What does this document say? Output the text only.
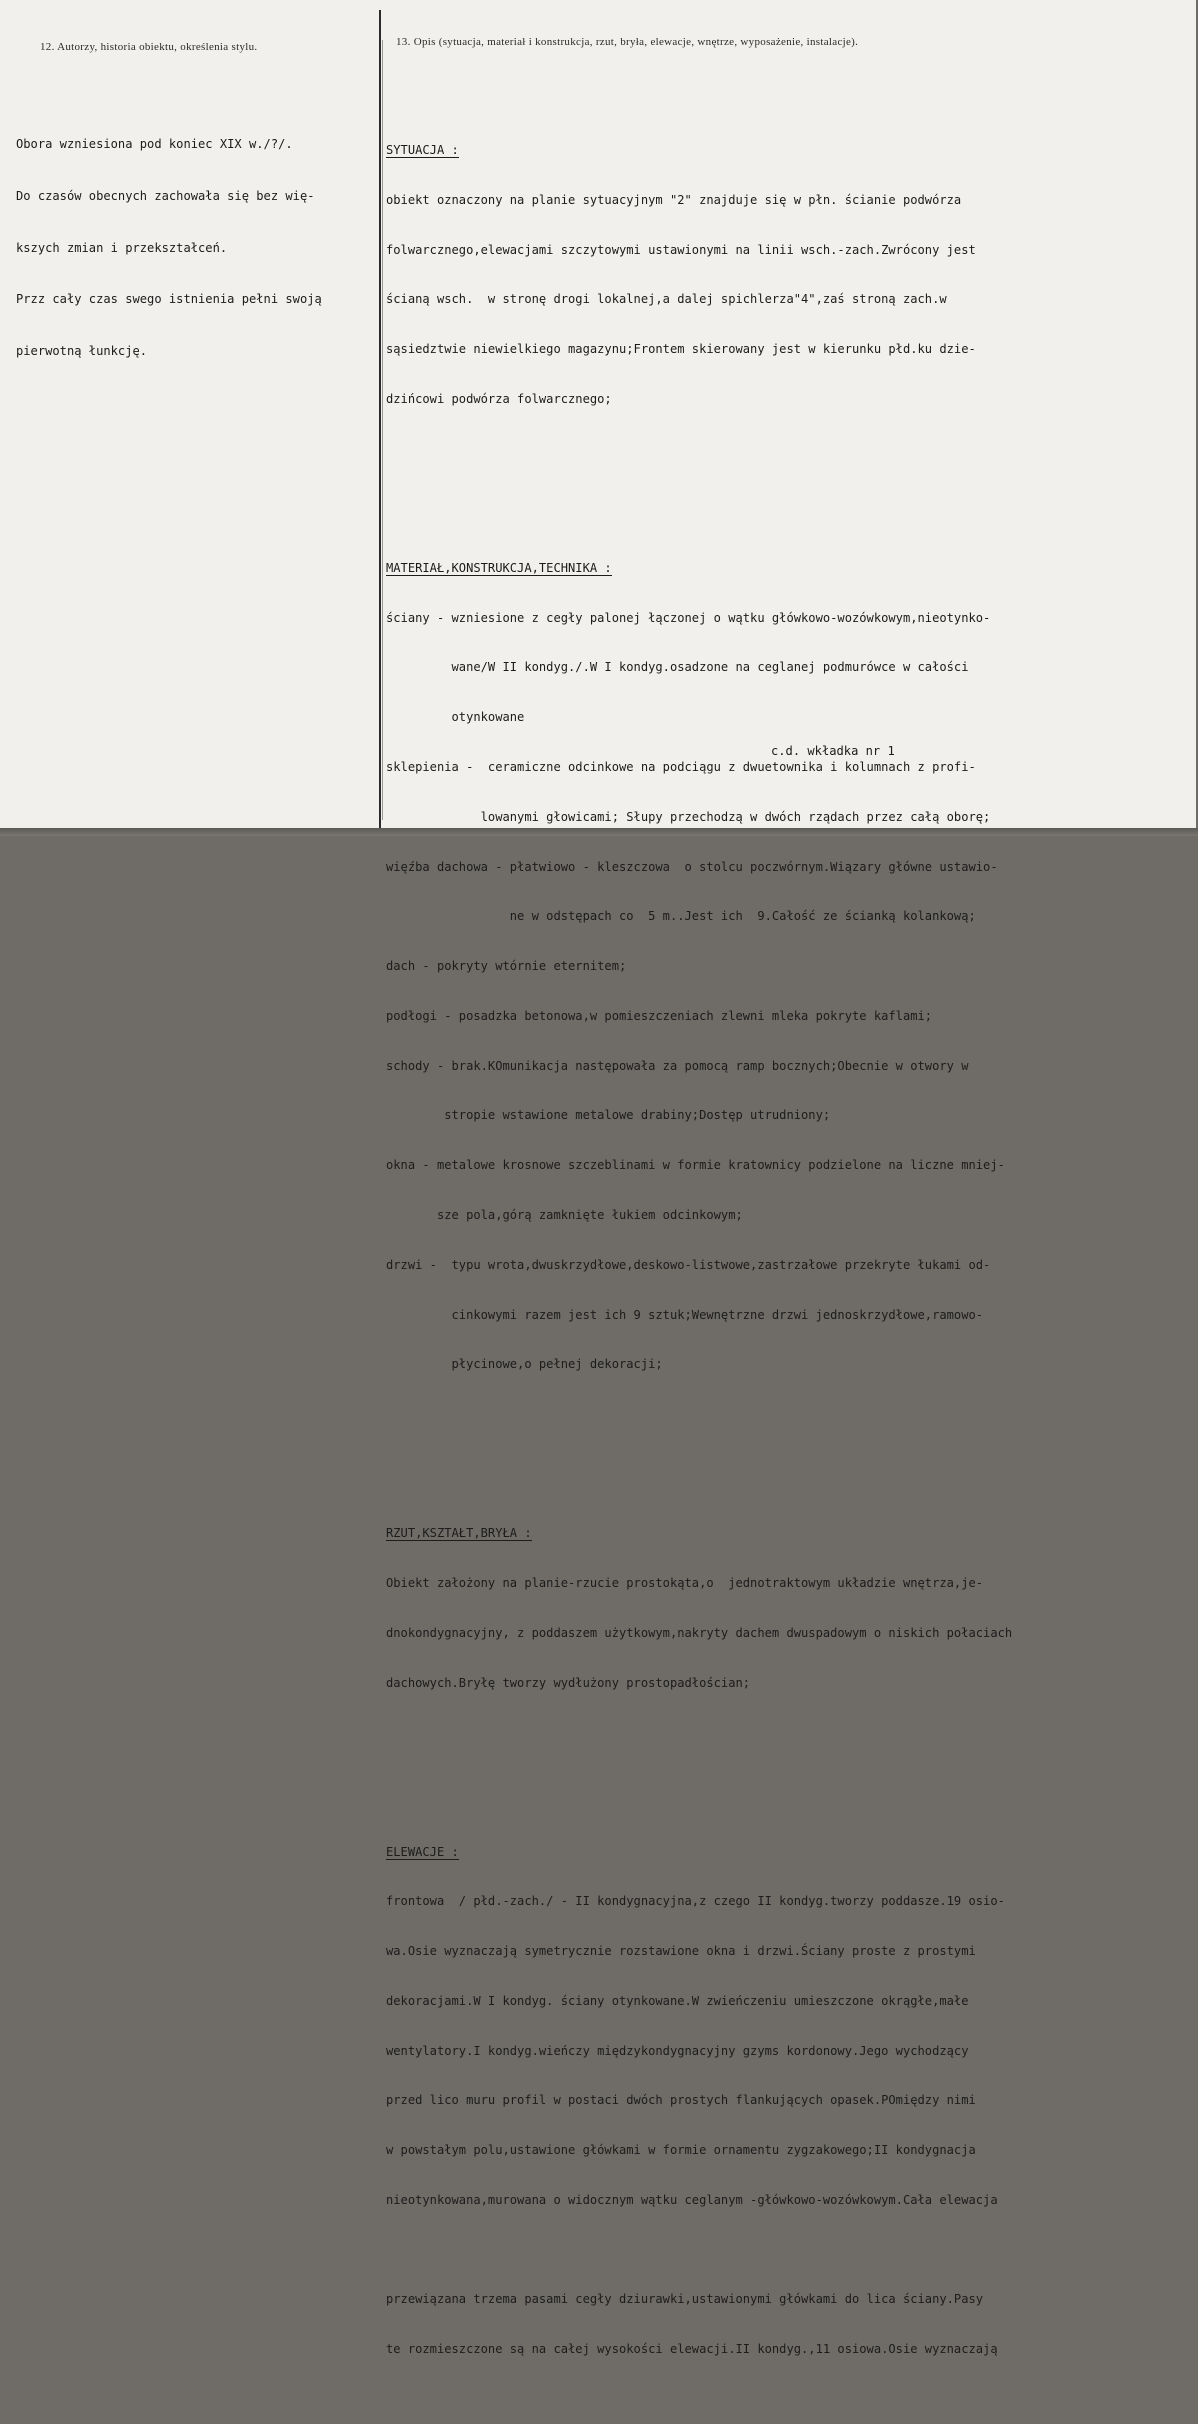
12. Autorzy, historia obiektu, określenia stylu.	13. Opis (sytuacja, materiał i konstrukcja, rzut, bryła, elewacje, wnętrze, wyposażenie, instalacje).

Obora wzniesiona pod koniec XIX w./?/.

Do czasów obecnych zachowała się bez wię-

kszych zmian i przekształceń.

Przz cały czas swego istnienia pełni swoją

pierwotną łunkcję.

SYTUACJA :

obiekt oznaczony na planie sytuacyjnym "2" znajduje się w płn. ścianie podwórza

folwarcznego,elewacjami szczytowymi ustawionymi na linii wsch.-zach.Zwrócony jest

ścianą wsch.  w stronę drogi lokalnej,a dalej spichlerza"4",zaś stroną zach.w

sąsiedztwie niewielkiego magazynu;Frontem skierowany jest w kierunku płd.ku dzie-

dzińcowi podwórza folwarcznego;

MATERIAŁ,KONSTRUKCJA,TECHNIKA :

ściany - wzniesione z cegły palonej łączonej o wątku główkowo-wozówkowym,nieotynko-

wane/W II kondyg./.W I kondyg.osadzone na ceglanej podmurówce w całości

otynkowane

sklepienia -  ceramiczne odcinkowe na podciągu z dwuetownika i kolumnach z profi-

lowanymi głowicami; Słupy przechodzą w dwóch rządach przez całą oborę;

więźba dachowa - płatwiowo - kleszczowa  o stolcu poczwórnym.Wiązary główne ustawio-

ne w odstępach co  5 m..Jest ich  9.Całość ze ścianką kolankową;

dach - pokryty wtórnie eternitem;

podłogi - posadzka betonowa,w pomieszczeniach zlewni mleka pokryte kaflami;

schody - brak.KOmunikacja następowała za pomocą ramp bocznych;Obecnie w otwory w

stropie wstawione metalowe drabiny;Dostęp utrudniony;

okna - metalowe krosnowe szczeblinami w formie kratownicy podzielone na liczne mniej-

sze pola,górą zamknięte łukiem odcinkowym;

drzwi -  typu wrota,dwuskrzydłowe,deskowo-listwowe,zastrzałowe przekryte łukami od-

cinkowymi razem jest ich 9 sztuk;Wewnętrzne drzwi jednoskrzydłowe,ramowo-

płycinowe,o pełnej dekoracji;

RZUT,KSZTAŁT,BRYŁA :

Obiekt założony na planie-rzucie prostokąta,o  jednotraktowym układzie wnętrza,je-

dnokondygnacyjny, z poddaszem użytkowym,nakryty dachem dwuspadowym o niskich połaciach

dachowych.Bryłę tworzy wydłużony prostopadłościan;

ELEWACJE :

frontowa  / płd.-zach./ - II kondygnacyjna,z czego II kondyg.tworzy poddasze.19 osio-

wa.Osie wyznaczają symetrycznie rozstawione okna i drzwi.Ściany proste z prostymi

dekoracjami.W I kondyg. ściany otynkowane.W zwieńczeniu umieszczone okrągłe,małe

wentylatory.I kondyg.wieńczy międzykondygnacyjny gzyms kordonowy.Jego wychodzący

przed lico muru profil w postaci dwóch prostych flankujących opasek.POmiędzy nimi

w powstałym polu,ustawione główkami w formie ornamentu zygzakowego;II kondygnacja

nieotynkowana,murowana o widocznym wątku ceglanym -główkowo-wozówkowym.Cała elewacja

przewiązana trzema pasami cegły dziurawki,ustawionymi główkami do lica ściany.Pasy

te rozmieszczone są na całej wysokości elewacji.II kondyg.,11 osiowa.Osie wyznaczają

c.d. wkładka nr 1
